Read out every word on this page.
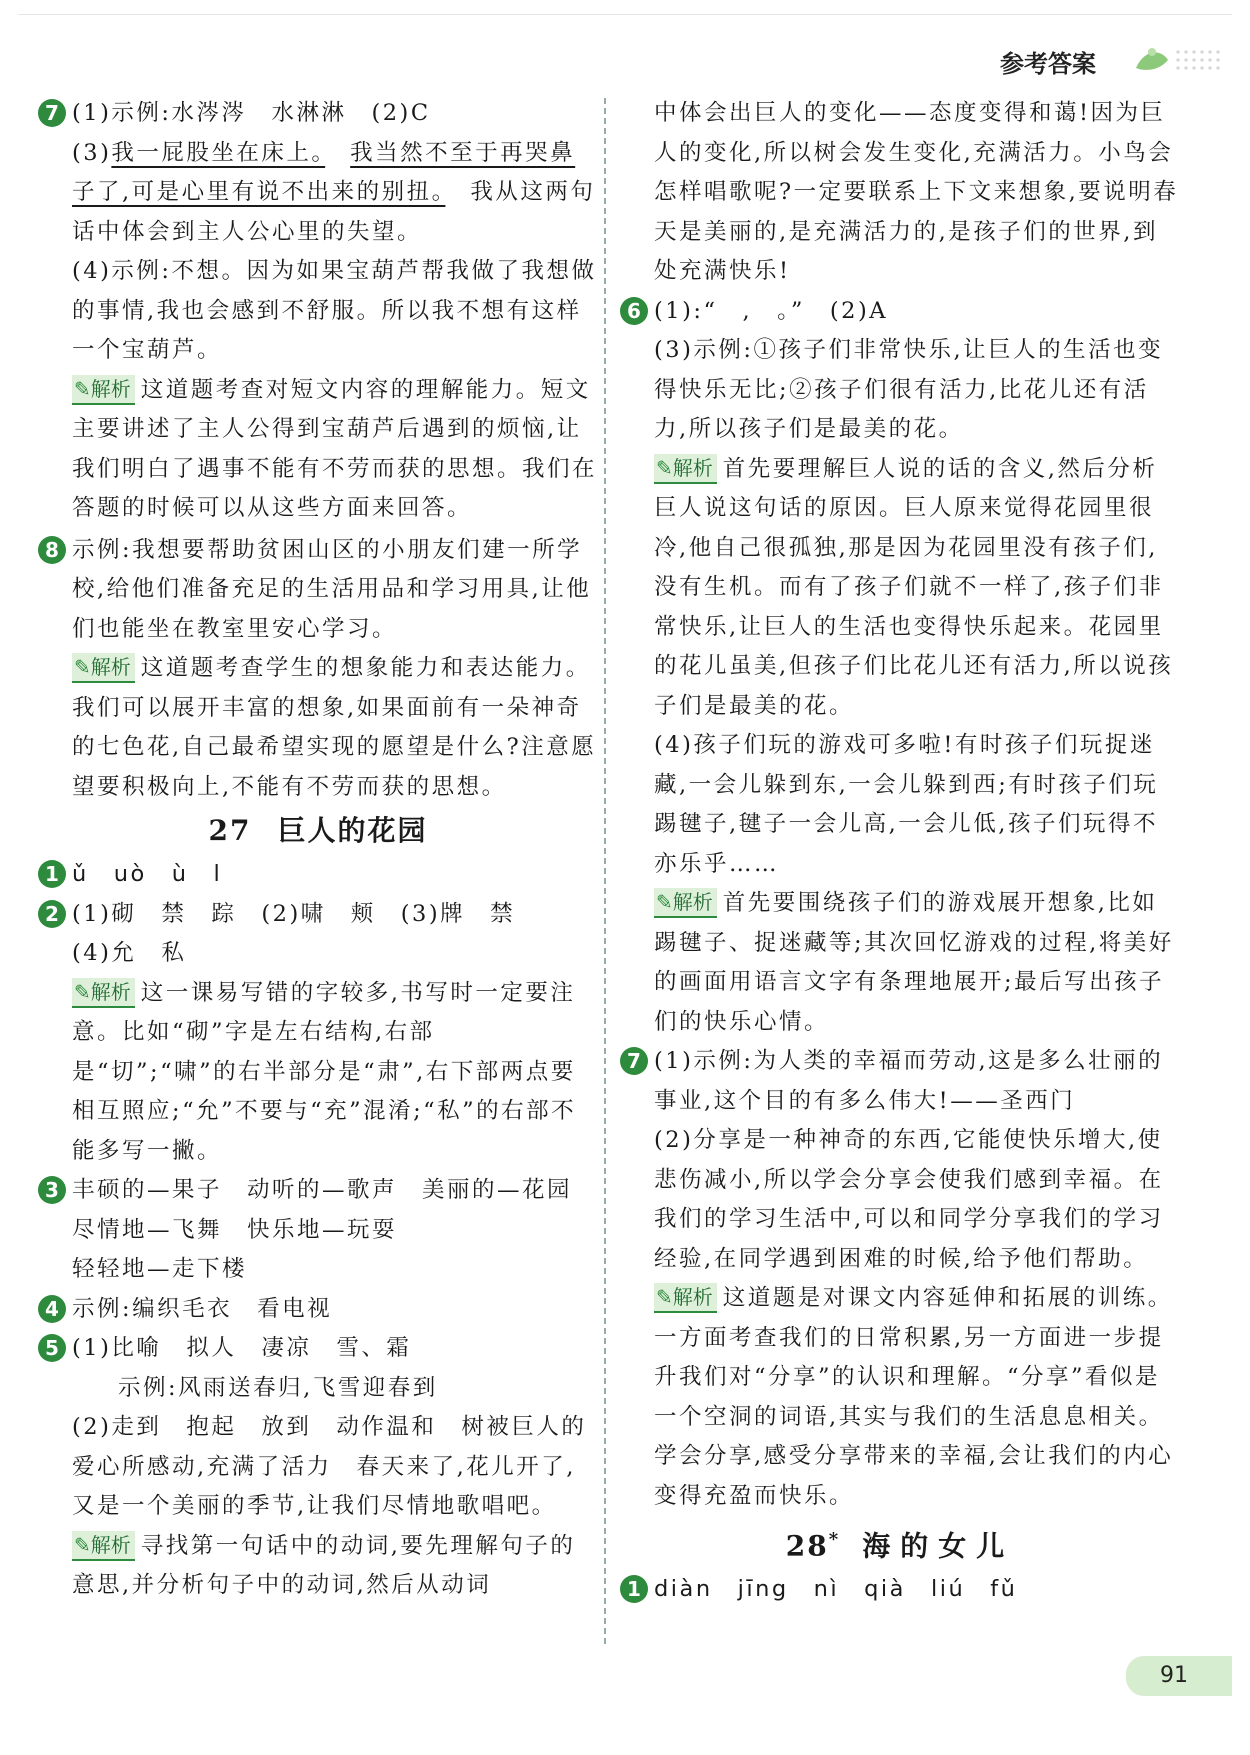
参考答案
7 (1)示例:水涔涔　水淋淋　(2)C
(3)我一屁股坐在床上。　 我当然不至于再哭鼻子了,可是心里有说不出来的别扭。　我从这两句话中体会到主人公心里的失望。
(4)示例:不想。因为如果宝葫芦帮我做了我想做的事情,我也会感到不舒服。所以我不想有这样一个宝葫芦。
✎解析 这道题考查对短文内容的理解能力。短文主要讲述了主人公得到宝葫芦后遇到的烦恼,让我们明白了遇事不能有不劳而获的思想。我们在答题的时候可以从这些方面来回答。
8 示例:我想要帮助贫困山区的小朋友们建一所学校,给他们准备充足的生活用品和学习用具,让他们也能坐在教室里安心学习。
✎解析 这道题考查学生的想象能力和表达能力。我们可以展开丰富的想象,如果面前有一朵神奇的七色花,自己最希望实现的愿望是什么?注意愿望要积极向上,不能有不劳而获的思想。
27 巨人的花园
1 ǔ　uò　ù　l
2 (1)砌　禁　踪　(2)啸　颊　(3)牌　禁
(4)允　私
✎解析 这一课易写错的字较多,书写时一定要注意。比如“砌”字是左右结构,右部是“切”;“啸”的右半部分是“肃”,右下部两点要相互照应;“允”不要与“充”混淆;“私”的右部不能多写一撇。
3 丰硕的—果子　动听的—歌声　美丽的—花园
尽情地—飞舞　快乐地—玩耍
轻轻地—走下楼
4 示例:编织毛衣　看电视
5 (1)比喻　拟人　凄凉　雪、霜
示例:风雨送春归,飞雪迎春到
(2)走到　抱起　放到　动作温和　树被巨人的爱心所感动,充满了活力　春天来了,花儿开了,又是一个美丽的季节,让我们尽情地歌唱吧。
✎解析 寻找第一句话中的动词,要先理解句子的意思,并分析句子中的动词,然后从动词
中体会出巨人的变化——态度变得和蔼!因为巨人的变化,所以树会发生变化,充满活力。小鸟会怎样唱歌呢?一定要联系上下文来想象,要说明春天是美丽的,是充满活力的,是孩子们的世界,到处充满快乐!
6 (1):“　,　。”　(2)A
(3)示例:①孩子们非常快乐,让巨人的生活也变得快乐无比;②孩子们很有活力,比花儿还有活力,所以孩子们是最美的花。
✎解析 首先要理解巨人说的话的含义,然后分析巨人说这句话的原因。巨人原来觉得花园里很冷,他自己很孤独,那是因为花园里没有孩子们,没有生机。而有了孩子们就不一样了,孩子们非常快乐,让巨人的生活也变得快乐起来。花园里的花儿虽美,但孩子们比花儿还有活力,所以说孩子们是最美的花。
(4)孩子们玩的游戏可多啦!有时孩子们玩捉迷藏,一会儿躲到东,一会儿躲到西;有时孩子们玩踢毽子,毽子一会儿高,一会儿低,孩子们玩得不亦乐乎……
✎解析 首先要围绕孩子们的游戏展开想象,比如踢毽子、捉迷藏等;其次回忆游戏的过程,将美好的画面用语言文字有条理地展开;最后写出孩子们的快乐心情。
7 (1)示例:为人类的幸福而劳动,这是多么壮丽的事业,这个目的有多么伟大!——圣西门
(2)分享是一种神奇的东西,它能使快乐增大,使悲伤减小,所以学会分享会使我们感到幸福。在我们的学习生活中,可以和同学分享我们的学习经验,在同学遇到困难的时候,给予他们帮助。
✎解析 这道题是对课文内容延伸和拓展的训练。一方面考查我们的日常积累,另一方面进一步提升我们对“分享”的认识和理解。“分享”看似是一个空洞的词语,其实与我们的生活息息相关。学会分享,感受分享带来的幸福,会让我们的内心变得充盈而快乐。
28* 海的女儿
1 diàn　jīng　nì　qià　liú　fǔ
91
